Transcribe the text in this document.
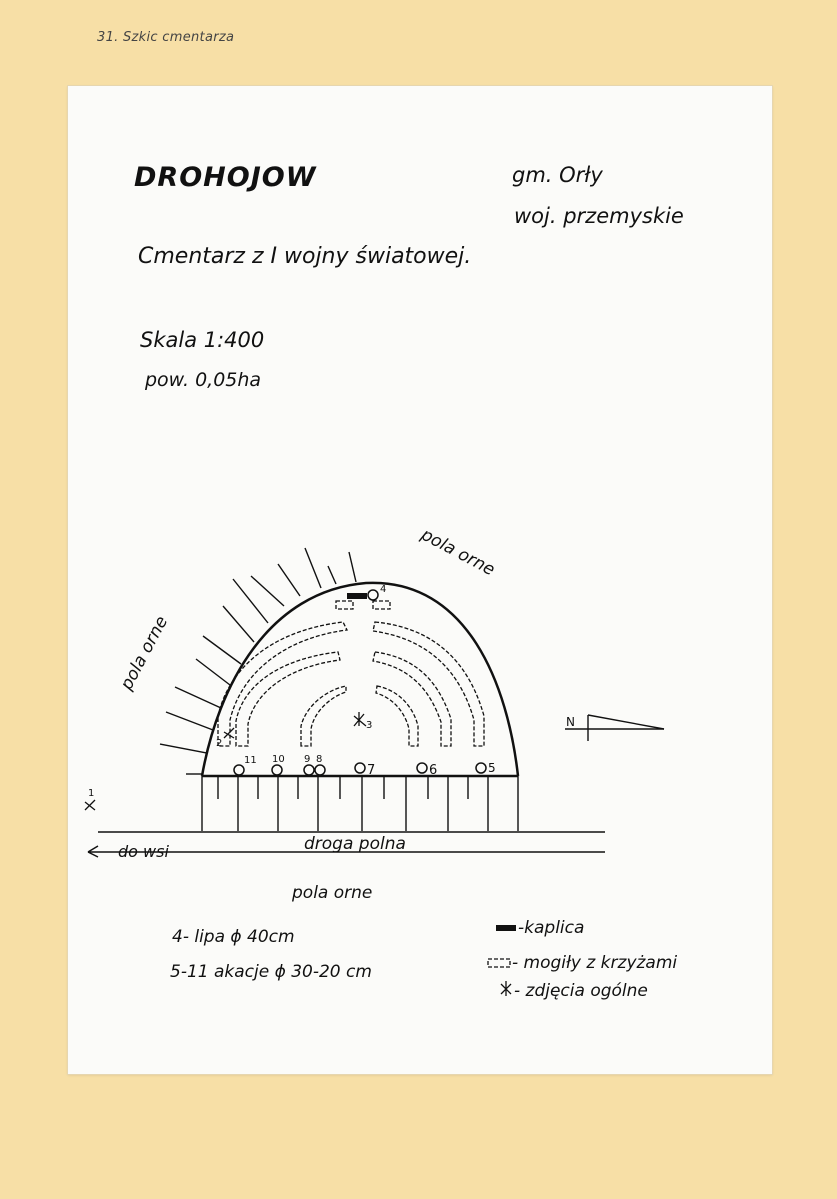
31. Szkic cmentarza
DROHOJOW	gm. Orły
woj. przemyskie
Cmentarz z I wojny światowej.
Skala 1:400
pow. 0,05ha
4
11 10 9 8
7	6	5
3
2
1
pola orne
pola orne
pola orne
droga polna
do wsi
N
4- lipa ϕ 40cm
5-11 akacje ϕ 30-20 cm
-kaplica
- mogiły z krzyżami
- zdjęcia ogólne
